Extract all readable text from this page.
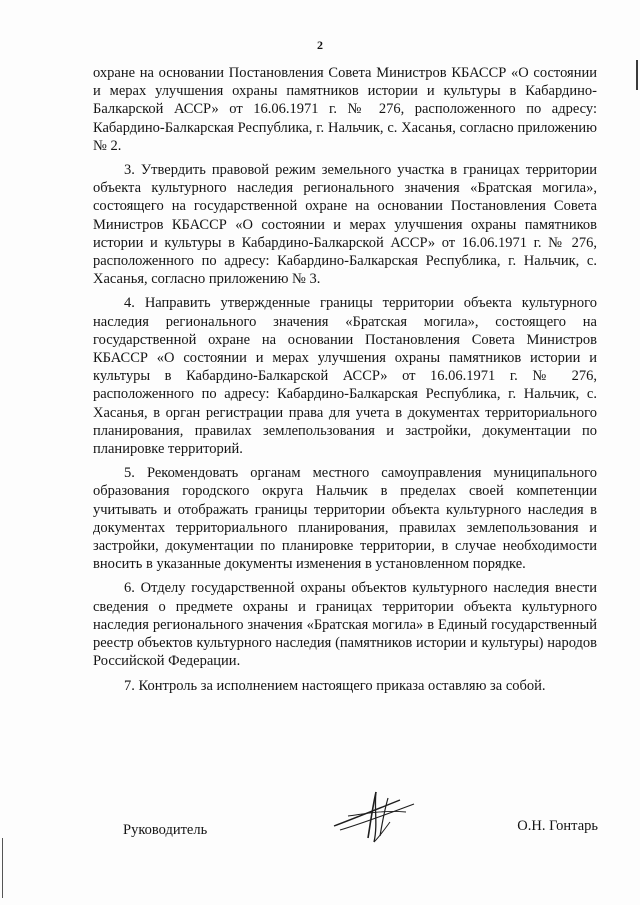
2

охране на основании Постановления Совета Министров КБАССР «О состоянии и мерах улучшения охраны памятников истории и культуры в Кабардино-Балкарской АССР» от 16.06.1971 г. № 276, расположенного по адресу: Кабардино-Балкарская Республика, г. Нальчик, с. Хасанья, согласно приложению № 2.

3. Утвердить правовой режим земельного участка в границах территории объекта культурного наследия регионального значения «Братская могила», состоящего на государственной охране на основании Постановления Совета Министров КБАССР «О состоянии и мерах улучшения охраны памятников истории и культуры в Кабардино-Балкарской АССР» от 16.06.1971 г. № 276, расположенного по адресу: Кабардино-Балкарская Республика, г. Нальчик, с. Хасанья, согласно приложению № 3.

4. Направить утвержденные границы территории объекта культурного наследия регионального значения «Братская могила», состоящего на государственной охране на основании Постановления Совета Министров КБАССР «О состоянии и мерах улучшения охраны памятников истории и культуры в Кабардино-Балкарской АССР» от 16.06.1971 г. № 276, расположенного по адресу: Кабардино-Балкарская Республика, г. Нальчик, с. Хасанья, в орган регистрации права для учета в документах территориального планирования, правилах землепользования и застройки, документации по планировке территорий.

5. Рекомендовать органам местного самоуправления муниципального образования городского округа Нальчик в пределах своей компетенции учитывать и отображать границы территории объекта культурного наследия в документах территориального планирования, правилах землепользования и застройки, документации по планировке территории, в случае необходимости вносить в указанные документы изменения в установленном порядке.

6. Отделу государственной охраны объектов культурного наследия внести сведения о предмете охраны и границах территории объекта культурного наследия регионального значения «Братская могила» в Единый государственный реестр объектов культурного наследия (памятников истории и культуры) народов Российской Федерации.

7. Контроль за исполнением настоящего приказа оставляю за собой.

Руководитель	О.Н. Гонтарь
